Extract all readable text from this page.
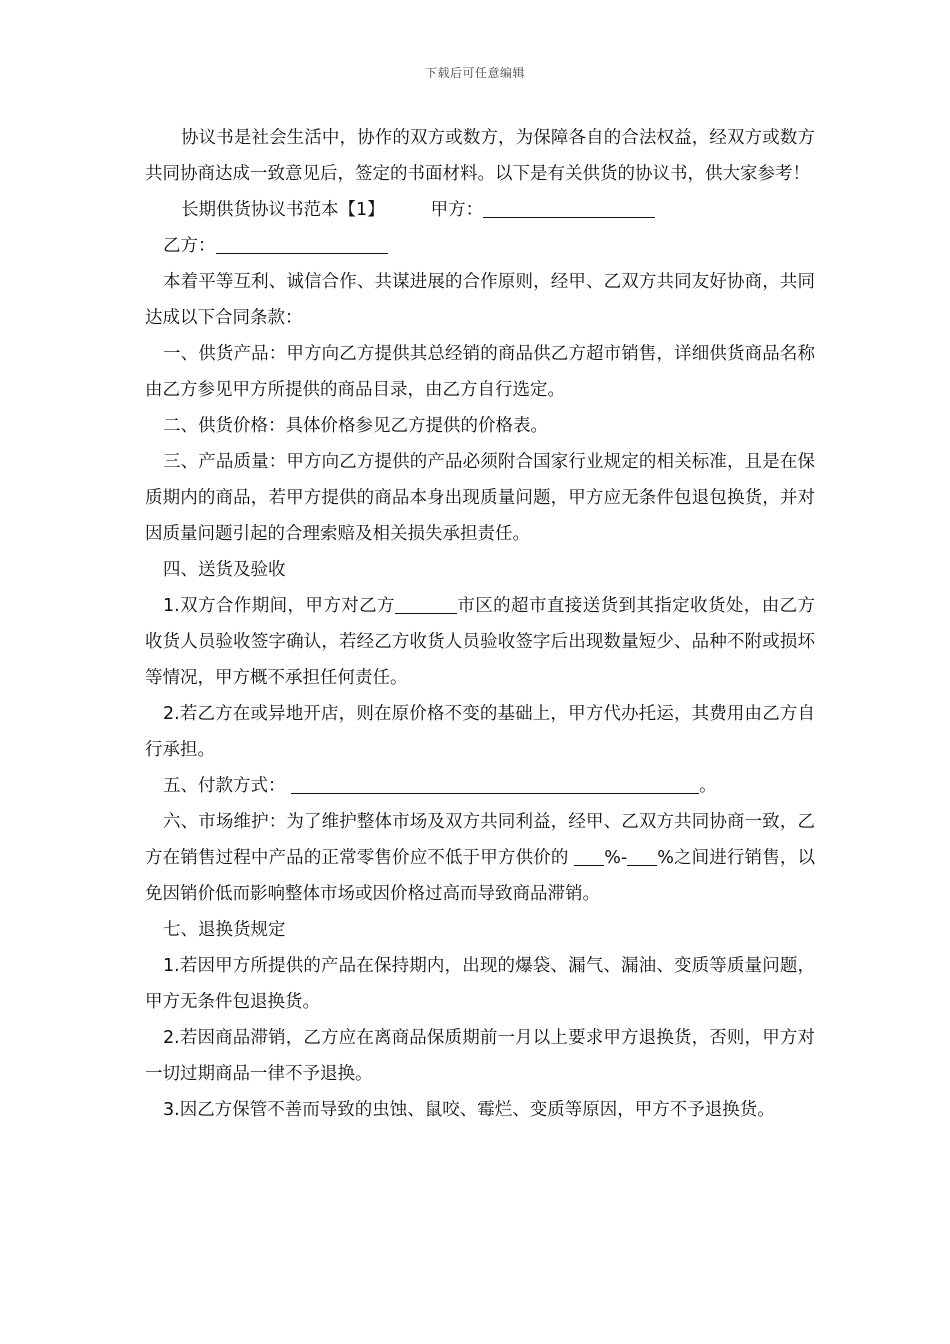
下载后可任意编辑

协议书是社会生活中，协作的双方或数方，为保障各自的合法权益，经双方或数方共同协商达成一致意见后，签定的书面材料。以下是有关供货的协议书，供大家参考！

长期供货协议书范本【1】	甲方：

乙方：

本着平等互利、诚信合作、共谋进展的合作原则，经甲、乙双方共同友好协商，共同达成以下合同条款：

一、供货产品：甲方向乙方提供其总经销的商品供乙方超市销售，详细供货商品名称由乙方参见甲方所提供的商品目录，由乙方自行选定。

二、供货价格：具体价格参见乙方提供的价格表。

三、产品质量：甲方向乙方提供的产品必须附合国家行业规定的相关标准，且是在保质期内的商品，若甲方提供的商品本身出现质量问题，甲方应无条件包退包换货，并对因质量问题引起的合理索赔及相关损失承担责任。

四、送货及验收

1.双方合作期间，甲方对乙方	市区的超市直接送货到其指定收货处，由乙方收货人员验收签字确认，若经乙方收货人员验收签字后出现数量短少、品种不附或损坏等情况，甲方概不承担任何责任。

2.若乙方在或异地开店，则在原价格不变的基础上，甲方代办托运，其费用由乙方自行承担。

五、付款方式：	。

六、市场维护：为了维护整体市场及双方共同利益，经甲、乙双方共同协商一致，乙方在销售过程中产品的正常零售价应不低于甲方供价的 %- %之间进行销售，以免因销价低而影响整体市场或因价格过高而导致商品滞销。

七、退换货规定

1.若因甲方所提供的产品在保持期内，出现的爆袋、漏气、漏油、变质等质量问题，甲方无条件包退换货。

2.若因商品滞销，乙方应在离商品保质期前一月以上要求甲方退换货，否则，甲方对一切过期商品一律不予退换。

3.因乙方保管不善而导致的虫蚀、鼠咬、霉烂、变质等原因，甲方不予退换货。
